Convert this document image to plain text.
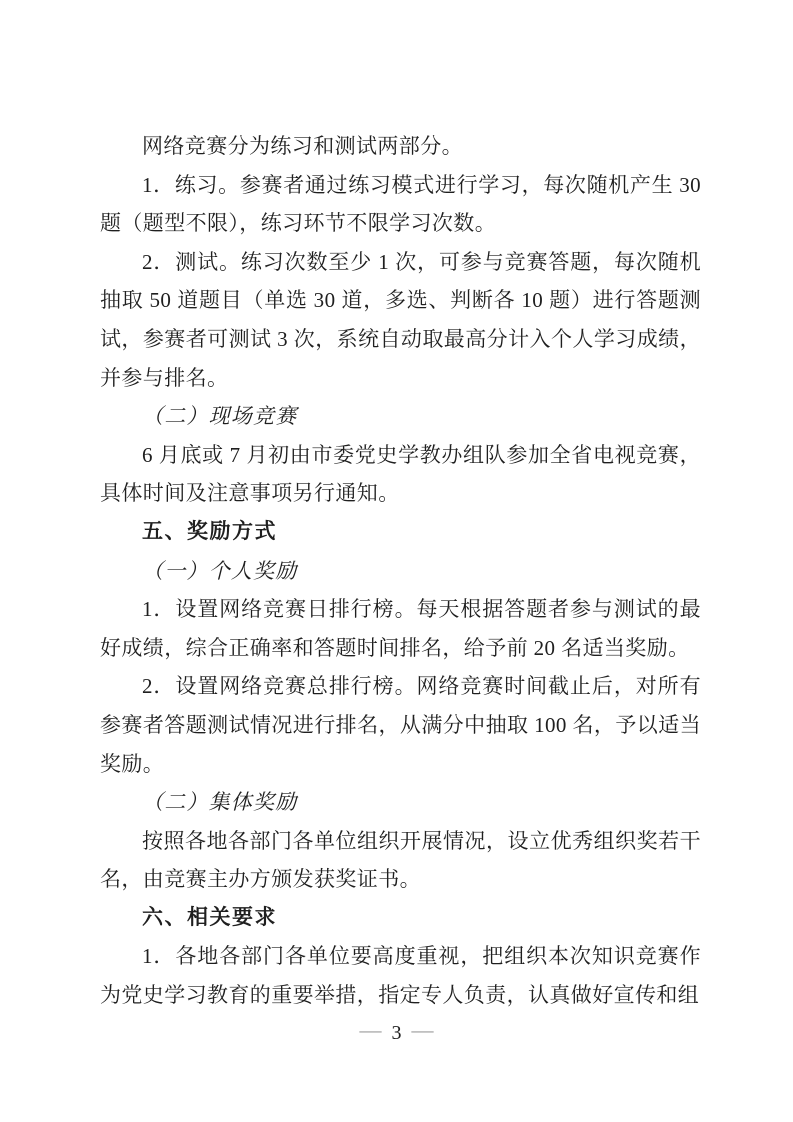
网络竞赛分为练习和测试两部分。

1．练习。参赛者通过练习模式进行学习，每次随机产生 30 题（题型不限），练习环节不限学习次数。

2．测试。练习次数至少 1 次，可参与竞赛答题，每次随机抽取 50 道题目（单选 30 道，多选、判断各 10 题）进行答题测试，参赛者可测试 3 次，系统自动取最高分计入个人学习成绩，并参与排名。

（二）现场竞赛

6 月底或 7 月初由市委党史学教办组队参加全省电视竞赛，具体时间及注意事项另行通知。

五、奖励方式

（一）个人奖励

1．设置网络竞赛日排行榜。每天根据答题者参与测试的最好成绩，综合正确率和答题时间排名，给予前 20 名适当奖励。

2．设置网络竞赛总排行榜。网络竞赛时间截止后，对所有参赛者答题测试情况进行排名，从满分中抽取 100 名，予以适当奖励。

（二）集体奖励

按照各地各部门各单位组织开展情况，设立优秀组织奖若干名，由竞赛主办方颁发获奖证书。

六、相关要求

1．各地各部门各单位要高度重视，把组织本次知识竞赛作为党史学习教育的重要举措，指定专人负责，认真做好宣传和组

— 3 —
